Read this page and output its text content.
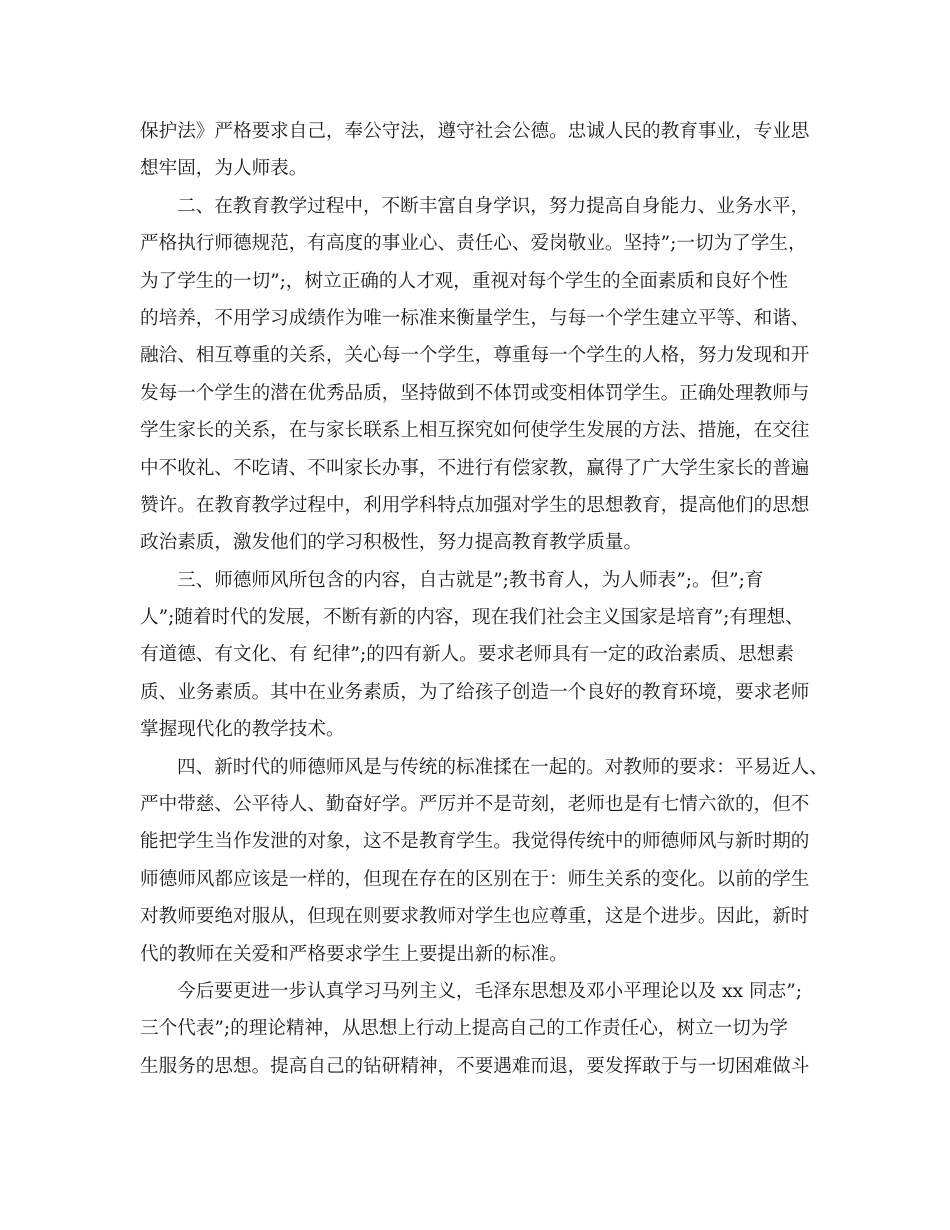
保护法》严格要求自己，奉公守法，遵守社会公德。忠诚人民的教育事业，专业思
想牢固，为人师表。
二、在教育教学过程中，不断丰富自身学识，努力提高自身能力、业务水平，
严格执行师德规范，有高度的事业心、责任心、爱岗敬业。坚持”;一切为了学生，
为了学生的一切”;，树立正确的人才观，重视对每个学生的全面素质和良好个性
的培养，不用学习成绩作为唯一标准来衡量学生，与每一个学生建立平等、和谐、
融洽、相互尊重的关系，关心每一个学生，尊重每一个学生的人格，努力发现和开
发每一个学生的潜在优秀品质，坚持做到不体罚或变相体罚学生。正确处理教师与
学生家长的关系，在与家长联系上相互探究如何使学生发展的方法、措施，在交往
中不收礼、不吃请、不叫家长办事，不进行有偿家教，赢得了广大学生家长的普遍
赞许。在教育教学过程中，利用学科特点加强对学生的思想教育，提高他们的思想
政治素质，激发他们的学习积极性，努力提高教育教学质量。
三、师德师风所包含的内容，自古就是”;教书育人，为人师表”;。但”;育
人”;随着时代的发展，不断有新的内容，现在我们社会主义国家是培育”;有理想、
有道德、有文化、有 纪律”;的四有新人。要求老师具有一定的政治素质、思想素
质、业务素质。其中在业务素质，为了给孩子创造一个良好的教育环境，要求老师
掌握现代化的教学技术。
四、新时代的师德师风是与传统的标准揉在一起的。对教师的要求：平易近人、
严中带慈、公平待人、勤奋好学。严厉并不是苛刻，老师也是有七情六欲的，但不
能把学生当作发泄的对象，这不是教育学生。我觉得传统中的师德师风与新时期的
师德师风都应该是一样的，但现在存在的区别在于：师生关系的变化。以前的学生
对教师要绝对服从，但现在则要求教师对学生也应尊重，这是个进步。因此，新时
代的教师在关爱和严格要求学生上要提出新的标准。
今后要更进一步认真学习马列主义，毛泽东思想及邓小平理论以及 xx 同志”;
三个代表”;的理论精神，从思想上行动上提高自己的工作责任心，树立一切为学
生服务的思想。提高自己的钻研精神，不要遇难而退，要发挥敢于与一切困难做斗
